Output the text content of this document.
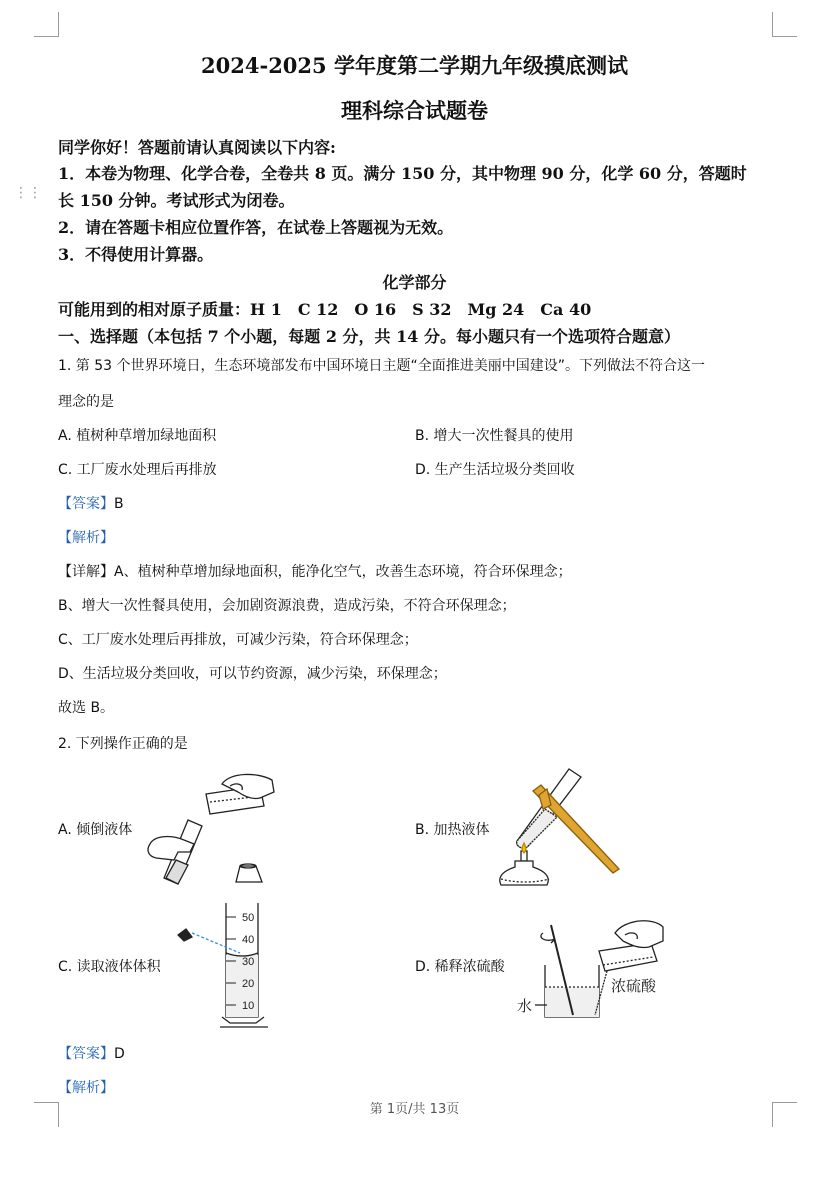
⋮⋮
2024-2025 学年度第二学期九年级摸底测试
理科综合试题卷
同学你好！答题前请认真阅读以下内容:
1．本卷为物理、化学合卷，全卷共 8 页。满分 150 分，其中物理 90 分，化学 60 分，答题时
长 150 分钟。考试形式为闭卷。
2．请在答题卡相应位置作答，在试卷上答题视为无效。
3．不得使用计算器。
化学部分
可能用到的相对原子质量：H 1　C 12　O 16　S 32　Mg 24　Ca 40
一、选择题（本包括 7 个小题，每题 2 分，共 14 分。每小题只有一个选项符合题意）
1. 第 53 个世界环境日，生态环境部发布中国环境日主题“全面推进美丽中国建设”。下列做法不符合这一
理念的是
A. 植树种草增加绿地面积	B. 增大一次性餐具的使用
C. 工厂废水处理后再排放	D. 生产生活垃圾分类回收
【答案】B
【解析】
【详解】A、植树种草增加绿地面积，能净化空气，改善生态环境，符合环保理念；
B、增大一次性餐具使用，会加剧资源浪费，造成污染，不符合环保理念；
C、工厂废水处理后再排放，可减少污染，符合环保理念；
D、生活垃圾分类回收，可以节约资源，减少污染，环保理念；
故选 B。
2. 下列操作正确的是
A. 倾倒液体	B. 加热液体
C. 读取液体体积	D. 稀释浓硫酸
50
40
30
20
10	水
浓硫酸
【答案】D
【解析】
第 1页/共 13页
